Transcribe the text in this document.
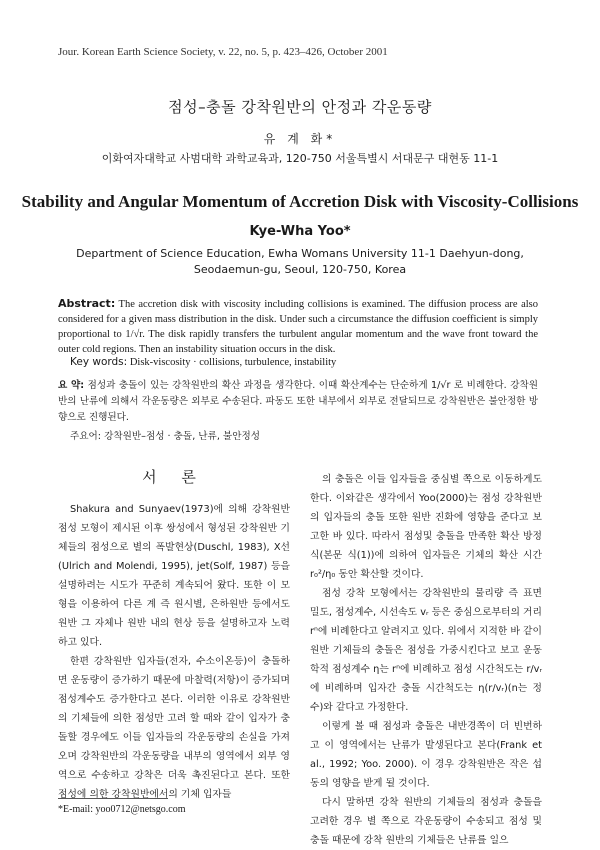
Jour. Korean Earth Science Society, v. 22, no. 5, p. 423–426, October 2001
점성–충돌 강착원반의 안정과 각운동량
유 계 화*
이화여자대학교 사범대학 과학교육과, 120-750 서울특별시 서대문구 대현동 11-1
Stability and Angular Momentum of Accretion Disk with Viscosity-Collisions
Kye-Wha Yoo*
Department of Science Education, Ewha Womans University 11-1 Daehyun-dong,
Seodaemun-gu, Seoul, 120-750, Korea
Abstract: The accretion disk with viscosity including collisions is examined. The diffusion process are also considered for a given mass distribution in the disk. Under such a circumstance the diffusion coefficient is simply proportional to 1/√r. The disk rapidly transfers the turbulent angular momentum and the wave front toward the outer cold regions. Then an instability situation occurs in the disk.
Key words: Disk-viscosity · collisions, turbulence, instability
요 약: 점성과 충돌이 있는 강착원반의 확산 과정을 생각한다. 이때 확산계수는 단순하게 1/√r 로 비례한다. 강착원반의 난류에 의해서 각운동량은 외부로 수송된다. 파동도 또한 내부에서 외부로 전달되므로 강착원반은 불안정한 방향으로 진행된다.
주요어: 강착원반–점성 · 충돌, 난류, 불안정성
서 론

Shakura and Sunyaev(1973)에 의해 강착원반 점성 모형이 제시된 이후 쌍성에서 형성된 강착원반 기체들의 점성으로 별의 폭발현상(Duschl, 1983), X선(Ulrich and Molendi, 1995), jet(Solf, 1987) 등을 설명하려는 시도가 꾸준히 계속되어 왔다. 또한 이 모형을 이용하여 다른 계 즉 원시별, 은하원반 등에서도 원반 그 자체나 원반 내의 현상 등을 설명하고자 노력하고 있다.

한편 강착원반 입자들(전자, 수소이온등)이 충돌하면 운동량이 증가하기 때문에 마찰력(저항)이 증가되며 점성계수도 증가한다고 본다. 이러한 이유로 강착원반의 기체들에 의한 점성만 고려 할 때와 같이 입자가 충돌할 경우에도 이들 입자들의 각운동량의 손실을 가져오며 강착원반의 각운동량을 내부의 영역에서 외부 영역으로 수송하고 강착은 더욱 촉진된다고 본다. 또한 점성에 의한 강착원반에서의 기체 입자들

의 충돌은 이들 입자들을 중심별 쪽으로 이동하게도 한다. 이와같은 생각에서 Yoo(2000)는 점성 강착원반의 입자들의 충돌 또한 원반 진화에 영향을 준다고 보고한 바 있다. 따라서 점성및 충돌을 만족한 확산 방정식(본문 식(1))에 의하여 입자들은 기체의 확산 시간 r₀²/η₀ 동안 확산할 것이다.

점성 강착 모형에서는 강착원반의 물리량 즉 표면 밀도, 점성계수, 시선속도 vᵣ 등은 중심으로부터의 거리 rⁿ에 비례한다고 알려지고 있다. 위에서 지적한 바 같이 원반 기체들의 충돌은 점성을 가중시킨다고 보고 운동학적 점성계수 η는 rⁿ에 비례하고 점성 시간척도는 r/vᵣ에 비례하며 입자간 충돌 시간척도는 η(r/vᵣ)(n는 정수)와 같다고 가정한다.

이렇게 볼 때 점성과 충돌은 내반경쪽이 더 빈번하고 이 영역에서는 난류가 발생된다고 본다(Frank et al., 1992; Yoo. 2000). 이 경우 강착원반은 작은 섭동의 영향을 받게 될 것이다.

다시 말하면 강착 원반의 기체들의 점성과 충돌을 고려한 경우 별 쪽으로 각운동량이 수송되고 점성 및 충돌 때문에 강착 원반의 기체들은 난류를 일으

*E-mail: yoo0712@netsgo.com
